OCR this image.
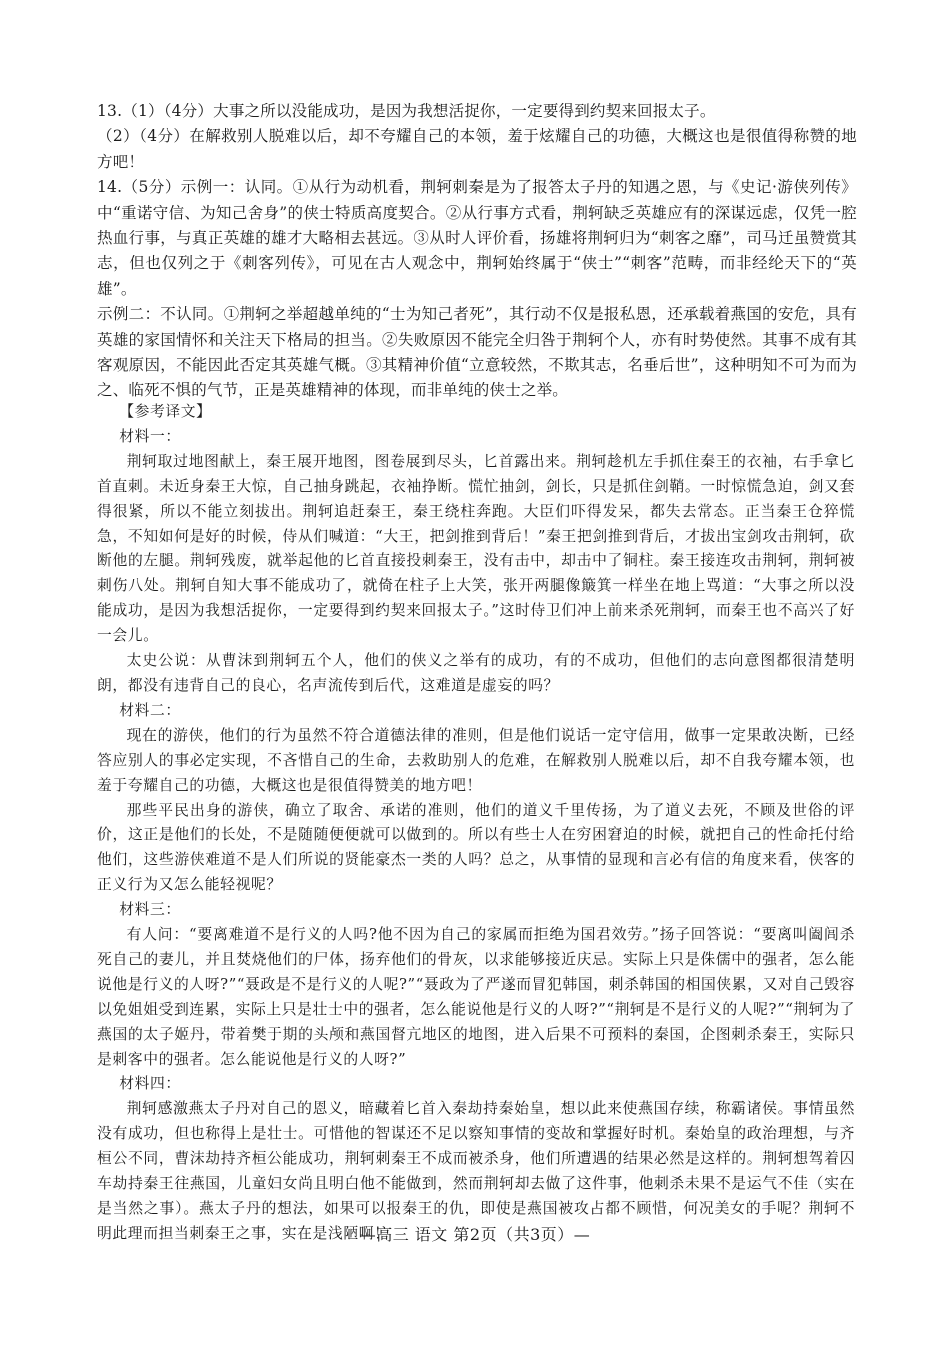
13.（1）（4分）大事之所以没能成功，是因为我想活捉你，一定要得到约契来回报太子。

（2）（4分）在解救别人脱难以后，却不夸耀自己的本领，羞于炫耀自己的功德，大概这也是很值得称赞的地方吧！

14.（5分）示例一：认同。①从行为动机看，荆轲刺秦是为了报答太子丹的知遇之恩，与《史记·游侠列传》中“重诺守信、为知己舍身”的侠士特质高度契合。②从行事方式看，荆轲缺乏英雄应有的深谋远虑，仅凭一腔热血行事，与真正英雄的雄才大略相去甚远。③从时人评价看，扬雄将荆轲归为“刺客之靡”，司马迁虽赞赏其志，但也仅列之于《刺客列传》，可见在古人观念中，荆轲始终属于“侠士”“刺客”范畴，而非经纶天下的“英雄”。

示例二：不认同。①荆轲之举超越单纯的“士为知己者死”，其行动不仅是报私恩，还承载着燕国的安危，具有英雄的家国情怀和关注天下格局的担当。②失败原因不能完全归咎于荆轲个人，亦有时势使然。其事不成有其客观原因，不能因此否定其英雄气概。③其精神价值“立意较然，不欺其志，名垂后世”，这种明知不可为而为之、临死不惧的气节，正是英雄精神的体现，而非单纯的侠士之举。

【参考译文】

材料一：

荆轲取过地图献上，秦王展开地图，图卷展到尽头，匕首露出来。荆轲趁机左手抓住秦王的衣袖，右手拿匕首直刺。未近身秦王大惊，自己抽身跳起，衣袖挣断。慌忙抽剑，剑长，只是抓住剑鞘。一时惊慌急迫，剑又套得很紧，所以不能立刻拔出。荆轲追赶秦王，秦王绕柱奔跑。大臣们吓得发呆，都失去常态。正当秦王仓猝慌急，不知如何是好的时候，侍从们喊道：“大王，把剑推到背后！”秦王把剑推到背后，才拔出宝剑攻击荆轲，砍断他的左腿。荆轲残废，就举起他的匕首直接投刺秦王，没有击中，却击中了铜柱。秦王接连攻击荆轲，荆轲被刺伤八处。荆轲自知大事不能成功了，就倚在柱子上大笑，张开两腿像簸箕一样坐在地上骂道：“大事之所以没能成功，是因为我想活捉你，一定要得到约契来回报太子。”这时侍卫们冲上前来杀死荆轲，而秦王也不高兴了好一会儿。

太史公说：从曹沫到荆轲五个人，他们的侠义之举有的成功，有的不成功，但他们的志向意图都很清楚明朗，都没有违背自己的良心，名声流传到后代，这难道是虚妄的吗？

材料二：

现在的游侠，他们的行为虽然不符合道德法律的准则，但是他们说话一定守信用，做事一定果敢决断，已经答应别人的事必定实现，不吝惜自己的生命，去救助别人的危难，在解救别人脱难以后，却不自我夸耀本领，也羞于夸耀自己的功德，大概这也是很值得赞美的地方吧！

那些平民出身的游侠，确立了取舍、承诺的准则，他们的道义千里传扬，为了道义去死，不顾及世俗的评价，这正是他们的长处，不是随随便便就可以做到的。所以有些士人在穷困窘迫的时候，就把自己的性命托付给他们，这些游侠难道不是人们所说的贤能豪杰一类的人吗？总之，从事情的显现和言必有信的角度来看，侠客的正义行为又怎么能轻视呢？

材料三：

有人问：“要离难道不是行义的人吗?他不因为自己的家属而拒绝为国君效劳。”扬子回答说：“要离叫阖闾杀死自己的妻儿，并且焚烧他们的尸体，扬弃他们的骨灰，以求能够接近庆忌。实际上只是侏儒中的强者，怎么能说他是行义的人呀?”“聂政是不是行义的人呢?”“聂政为了严遂而冒犯韩国，刺杀韩国的相国侠累，又对自己毁容以免姐姐受到连累，实际上只是壮士中的强者，怎么能说他是行义的人呀?”“荆轲是不是行义的人呢?”“荆轲为了燕国的太子姬丹，带着樊于期的头颅和燕国督亢地区的地图，进入后果不可预料的秦国，企图刺杀秦王，实际只是刺客中的强者。怎么能说他是行义的人呀?”

材料四：

荆轲感激燕太子丹对自己的恩义，暗藏着匕首入秦劫持秦始皇，想以此来使燕国存续，称霸诸侯。事情虽然没有成功，但也称得上是壮士。可惜他的智谋还不足以察知事情的变故和掌握好时机。秦始皇的政治理想，与齐桓公不同，曹沫劫持齐桓公能成功，荆轲刺秦王不成而被杀身，他们所遭遇的结果必然是这样的。荆轲想驾着囚车劫持秦王往燕国，儿童妇女尚且明白他不能做到，然而荆轲却去做了这件事，他刺杀未果不是运气不佳（实在是当然之事）。燕太子丹的想法，如果可以报秦王的仇，即使是燕国被攻占都不顾惜，何况美女的手呢？荆轲不明此理而担当刺秦王之事，实在是浅陋啊！

—高三 语文 第2页（共3页）—
